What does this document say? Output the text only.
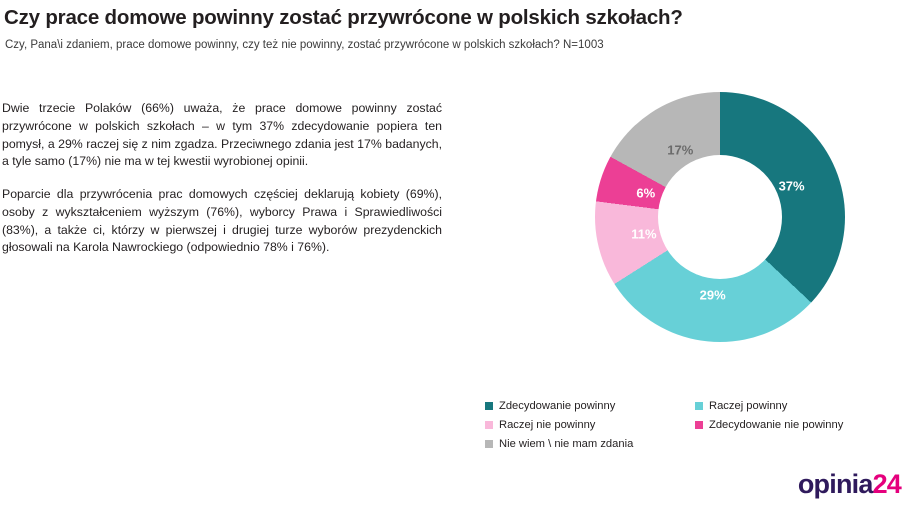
Czy prace domowe powinny zostać przywrócone w polskich szkołach?
Czy, Pana\i zdaniem, prace domowe powinny, czy też nie powinny, zostać przywrócone w polskich szkołach? N=1003
Dwie trzecie Polaków (66%) uważa, że prace domowe powinny zostać przywrócone w polskich szkołach – w tym 37% zdecydowanie popiera ten pomysł, a 29% raczej się z nim zgadza. Przeciwnego zdania jest 17% badanych, a tyle samo (17%) nie ma w tej kwestii wyrobionej opinii.
Poparcie dla przywrócenia prac domowych częściej deklarują kobiety (69%), osoby z wykształceniem wyższym (76%), wyborcy Prawa i Sprawiedliwości (83%), a także ci, którzy w pierwszej i drugiej turze wyborów prezydenckich głosowali na Karola Nawrockiego (odpowiednio 78% i 76%).
37%
29%
11%
6%
17%
Zdecydowanie powinny	Raczej powinny
Raczej nie powinny	Zdecydowanie nie powinny
Nie wiem \ nie mam zdania
opinia 24
